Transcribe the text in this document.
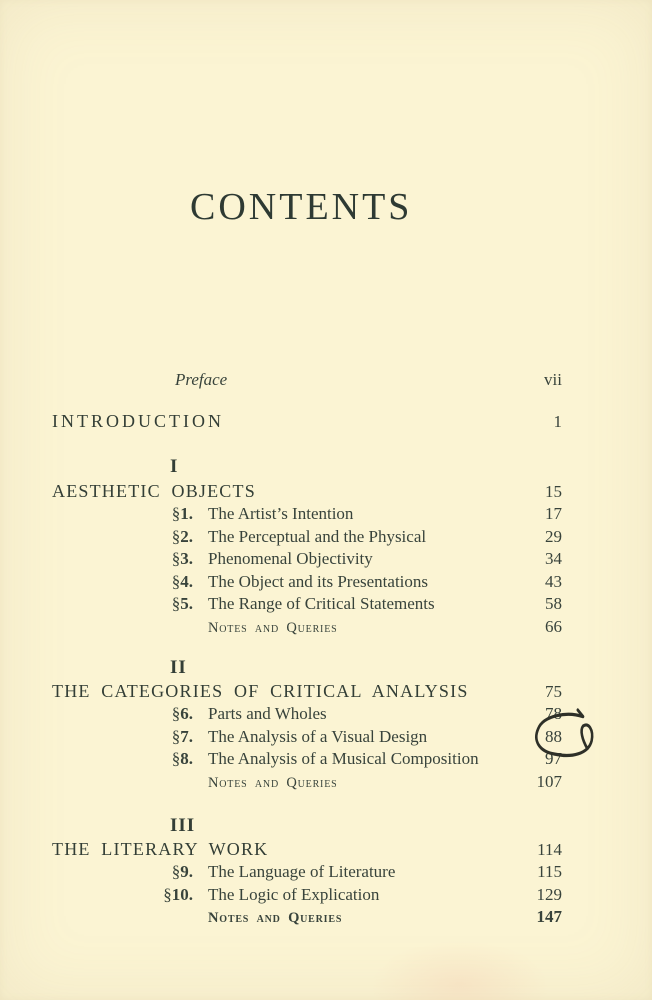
CONTENTS
Preface	vii
INTRODUCTION	1
I
AESTHETIC OBJECTS	15
§1. The Artist’s Intention	17
§2. The Perceptual and the Physical	29
§3. Phenomenal Objectivity	34
§4. The Object and its Presentations	43
§5. The Range of Critical Statements	58
Notes and Queries	66
II
THE CATEGORIES OF CRITICAL ANALYSIS	75
§6. Parts and Wholes	78
§7. The Analysis of a Visual Design	88
§8. The Analysis of a Musical Composition	97
Notes and Queries	107
III
THE LITERARY WORK	114
§9. The Language of Literature	115
§10. The Logic of Explication	129
Notes and Queries	147
